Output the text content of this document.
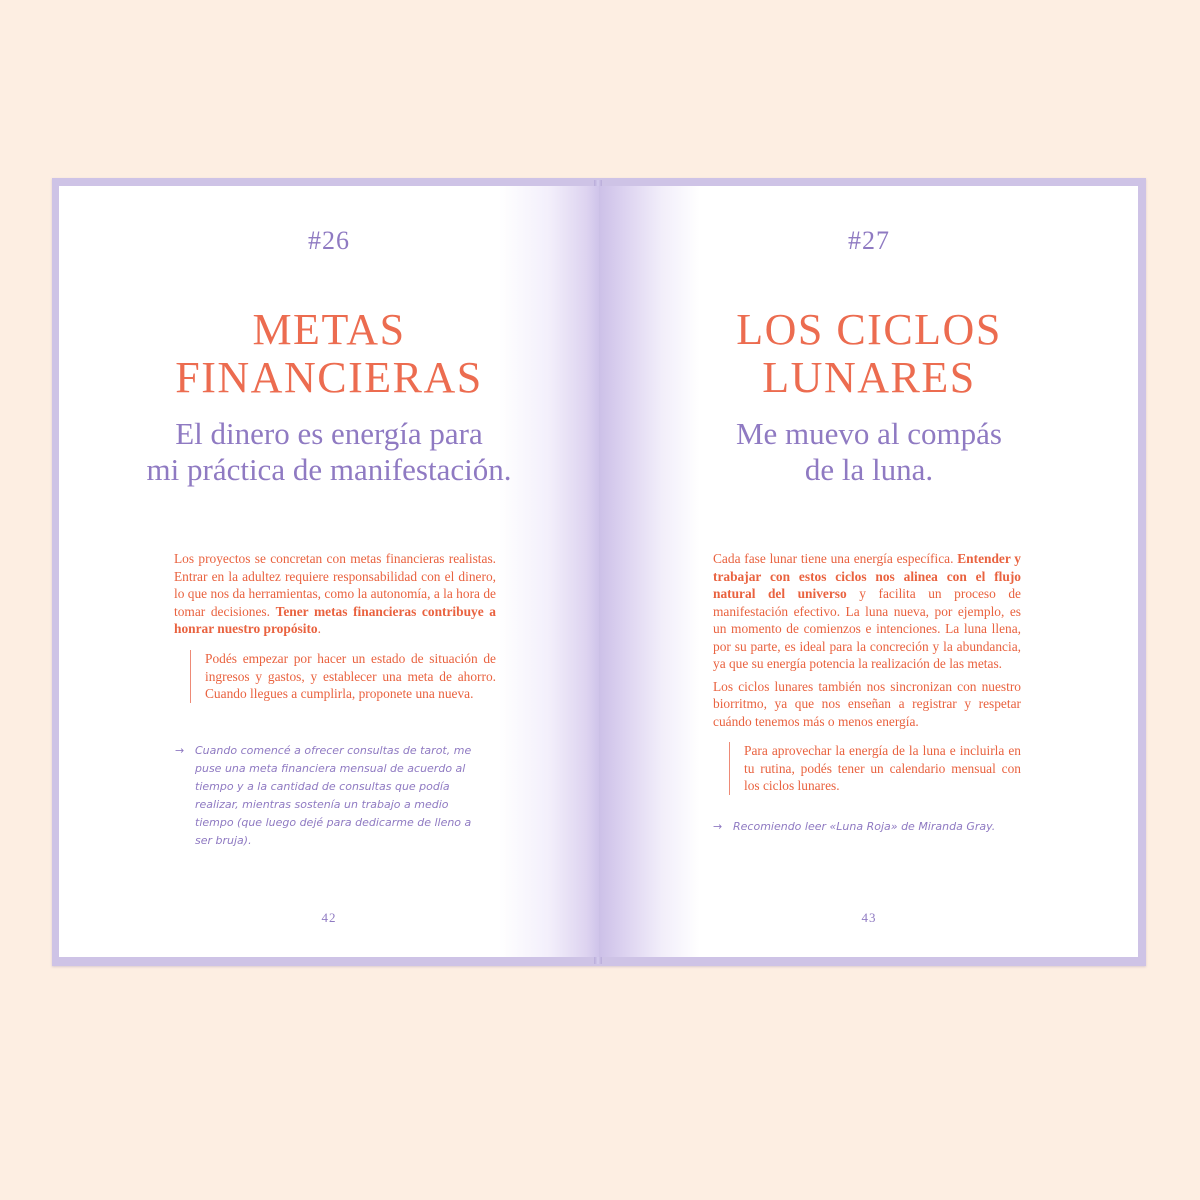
#26
METAS
FINANCIERAS
El dinero es energía para
mi práctica de manifestación.

Los proyectos se concretan con metas financieras realistas. Entrar en la adultez requiere responsabilidad con el dinero, lo que nos da herramientas, como la autonomía, a la hora de tomar decisiones. Tener metas financieras contribuye a honrar nuestro propósito.

Podés empezar por hacer un estado de situación de ingresos y gastos, y establecer una meta de ahorro. Cuando llegues a cumplirla, proponete una nueva.
→ Cuando comencé a ofrecer consultas de tarot, me puse una meta financiera mensual de acuerdo al tiempo y a la cantidad de consultas que podía realizar, mientras sostenía un trabajo a medio tiempo (que luego dejé para dedicarme de lleno a ser bruja).
42
#27
LOS CICLOS
LUNARES
Me muevo al compás
de la luna.

Cada fase lunar tiene una energía específica. Entender y trabajar con estos ciclos nos alinea con el flujo natural del universo y facilita un proceso de manifestación efectivo. La luna nueva, por ejemplo, es un momento de comienzos e intenciones. La luna llena, por su parte, es ideal para la concreción y la abundancia, ya que su energía potencia la realización de las metas.

Los ciclos lunares también nos sincronizan con nuestro biorritmo, ya que nos enseñan a registrar y respetar cuándo tenemos más o menos energía.

Para aprovechar la energía de la luna e incluirla en tu rutina, podés tener un calendario mensual con los ciclos lunares.
→ Recomiendo leer «Luna Roja» de Miranda Gray.
43
